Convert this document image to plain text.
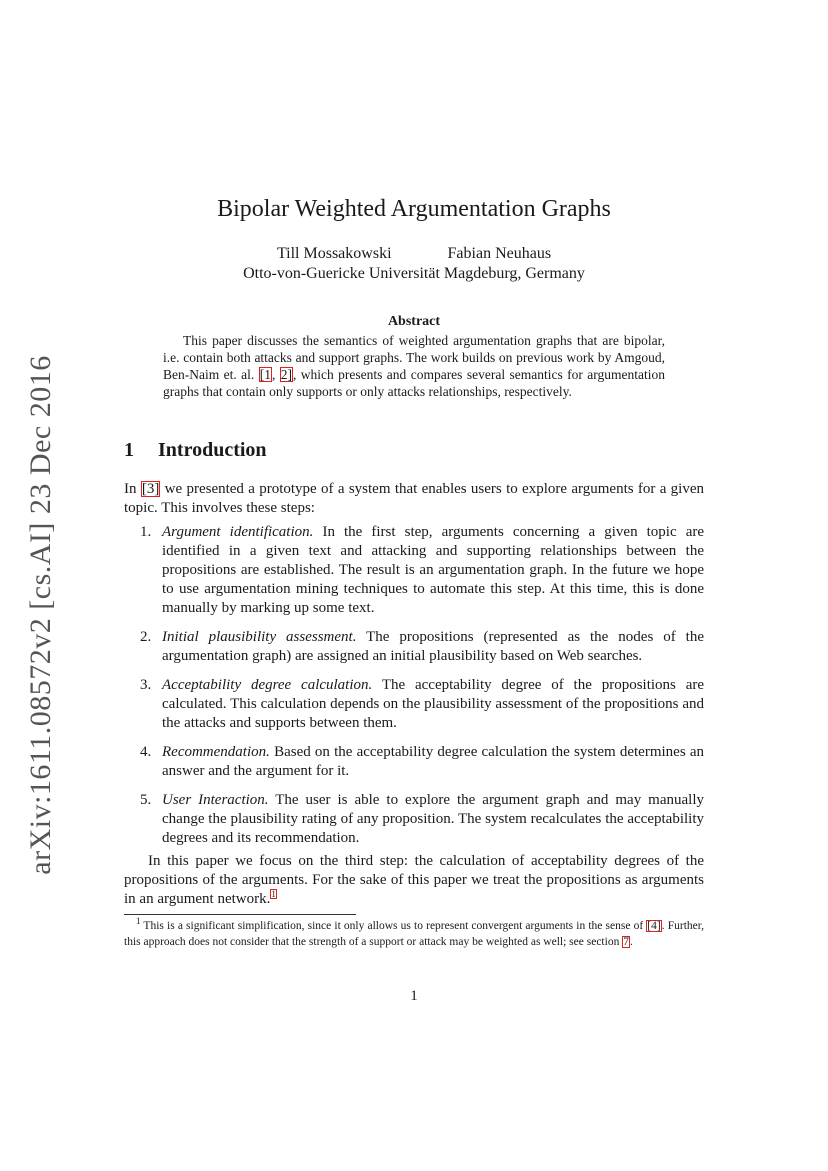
arXiv:1611.08572v2 [cs.AI] 23 Dec 2016
Bipolar Weighted Argumentation Graphs
Till Mossakowski	Fabian Neuhaus
Otto-von-Guericke Universität Magdeburg, Germany
Abstract
This paper discusses the semantics of weighted argumentation graphs that are bipolar, i.e. contain both attacks and support graphs. The work builds on previous work by Amgoud, Ben-Naim et. al. [1, 2], which presents and compares several semantics for argumentation graphs that contain only supports or only attacks relationships, respectively.
1 Introduction
In [3] we presented a prototype of a system that enables users to explore arguments for a given topic. This involves these steps:
1. Argument identification. In the first step, arguments concerning a given topic are identified in a given text and attacking and supporting relationships between the propositions are established. The result is an argumentation graph. In the future we hope to use argumentation mining techniques to automate this step. At this time, this is done manually by marking up some text.
2. Initial plausibility assessment. The propositions (represented as the nodes of the argumentation graph) are assigned an initial plausibility based on Web searches.
3. Acceptability degree calculation. The acceptability degree of the propositions are calculated. This calculation depends on the plausibility assessment of the propositions and the attacks and supports between them.
4. Recommendation. Based on the acceptability degree calculation the system determines an answer and the argument for it.
5. User Interaction. The user is able to explore the argument graph and may manually change the plausibility rating of any proposition. The system recalculates the acceptability degrees and its recommendation.
In this paper we focus on the third step: the calculation of acceptability degrees of the propositions of the arguments. For the sake of this paper we treat the propositions as arguments in an argument network.$^1$
$^1$ This is a significant simplification, since it only allows us to represent convergent arguments in the sense of [4]. Further, this approach does not consider that the strength of a support or attack may be weighted as well; see section 7.
1
